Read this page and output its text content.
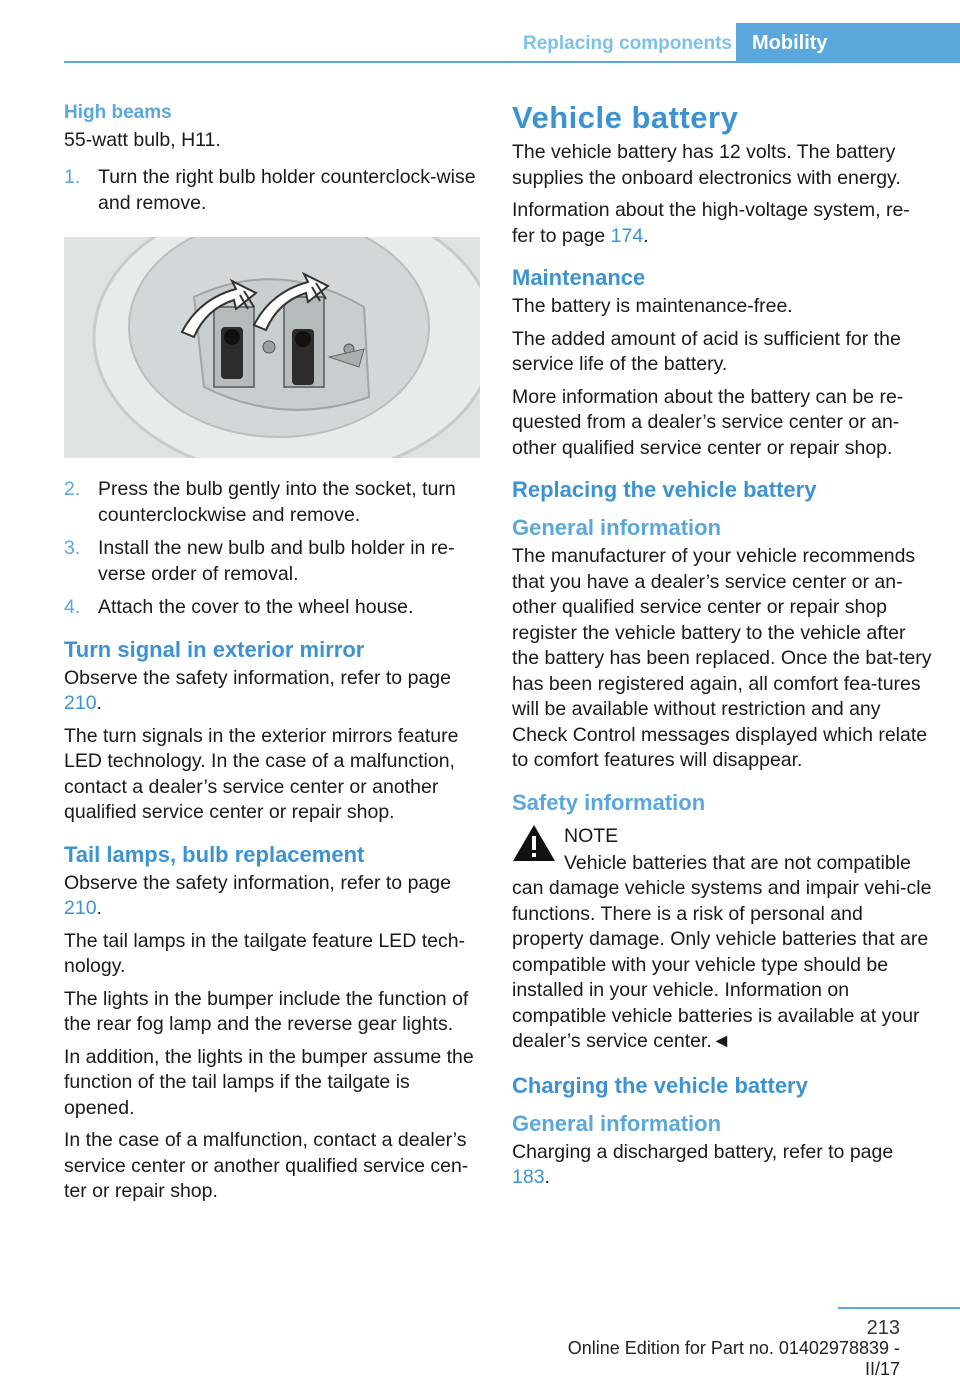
Replacing components	Mobility
High beams

55-watt bulb, H11.

1. Turn the right bulb holder counterclock-wise and remove.
2. Press the bulb gently into the socket, turn counterclockwise and remove.
3. Install the new bulb and bulb holder in re-verse order of removal.
4. Attach the cover to the wheel house.
Turn signal in exterior mirror

Observe the safety information, refer to page 210.

The turn signals in the exterior mirrors feature LED technology. In the case of a malfunction, contact a dealer’s service center or another qualified service center or repair shop.

Tail lamps, bulb replacement

Observe the safety information, refer to page 210.

The tail lamps in the tailgate feature LED tech-nology.

The lights in the bumper include the function of the rear fog lamp and the reverse gear lights.

In addition, the lights in the bumper assume the function of the tail lamps if the tailgate is opened.

In the case of a malfunction, contact a dealer’s service center or another qualified service cen-ter or repair shop.

Vehicle battery

The vehicle battery has 12 volts. The battery supplies the onboard electronics with energy.

Information about the high-voltage system, re-fer to page 174.

Maintenance

The battery is maintenance-free.

The added amount of acid is sufficient for the service life of the battery.

More information about the battery can be re-quested from a dealer’s service center or an-other qualified service center or repair shop.

Replacing the vehicle battery
General information

The manufacturer of your vehicle recommends that you have a dealer’s service center or an-other qualified service center or repair shop register the vehicle battery to the vehicle after the battery has been replaced. Once the bat-tery has been registered again, all comfort fea-tures will be available without restriction and any Check Control messages displayed which relate to comfort features will disappear.

Safety information

NOTE

Vehicle batteries that are not compatible can damage vehicle systems and impair vehi-cle functions. There is a risk of personal and property damage. Only vehicle batteries that are compatible with your vehicle type should be installed in your vehicle. Information on compatible vehicle batteries is available at your dealer’s service center.◄

Charging the vehicle battery
General information

Charging a discharged battery, refer to page 183.

213
Online Edition for Part no. 01402978839 - II/17
